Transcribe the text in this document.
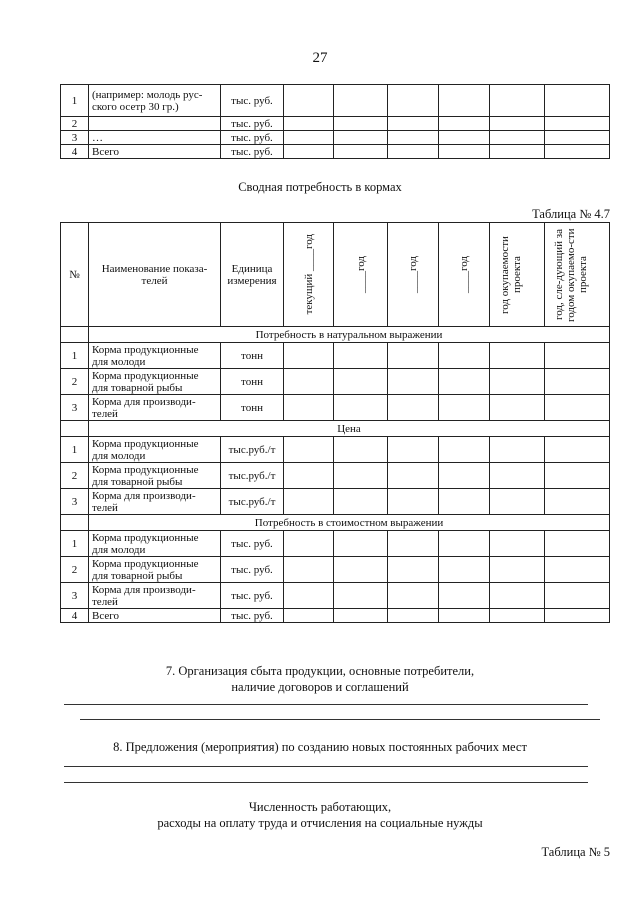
27
1	(например: молодь рус-ского осетр 30 гр.)	тыс. руб.						
2		тыс. руб.						
3	…	тыс. руб.						
4	Всего	тыс. руб.						
Сводная потребность в кормах
Таблица № 4.7
№	Наименование показа-телей	Единица измерения	текущий ____год	____год	____год	____год	год окупаемости проекта	год, сле-дующий за годом окупаемо-сти проекта

	Потребность в натуральном выражении							
1	Корма продукционные для молоди	тонн						
2	Корма продукционные для товарной рыбы	тонн						
3	Корма для производи-телей	тонн						
	Цена							
1	Корма продукционные для молоди	тыс.руб./т						
2	Корма продукционные для товарной рыбы	тыс.руб./т						
3	Корма для производи-телей	тыс.руб./т						
	Потребность в стоимостном выражении							
1	Корма продукционные для молоди	тыс. руб.						
2	Корма продукционные для товарной рыбы	тыс. руб.						
3	Корма для производи-телей	тыс. руб.						
4	Всего	тыс. руб.						
7. Организация сбыта продукции, основные потребители,
наличие договоров и соглашений
8. Предложения (мероприятия) по созданию новых постоянных рабочих мест
Численность работающих,
расходы на оплату труда и отчисления на социальные нужды
Таблица № 5
